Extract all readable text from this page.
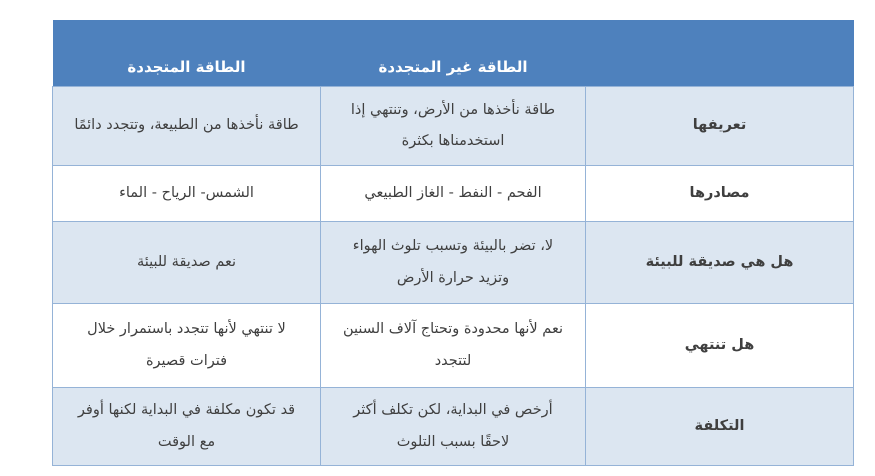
	الطاقة غير المتجددة	الطاقة المتجددة
تعريفها	طاقة نأخذها من الأرض، وتنتهي إذا استخدمناها بكثرة	طاقة نأخذها من الطبيعة، وتتجدد دائمًا
مصادرها	الفحم - النفط - الغاز الطبيعي	الشمس- الرياح - الماء
هل هي صديقة للبيئة	لا، تضر بالبيئة وتسبب تلوث الهواء وتزيد حرارة الأرض	نعم صديقة للبيئة
هل تنتهي	نعم لأنها محدودة وتحتاج آلاف السنين لتتجدد	لا تنتهي لأنها تتجدد باستمرار خلال فترات قصيرة
التكلفة	أرخص في البداية، لكن تكلف أكثر لاحقًا بسبب التلوث	قد تكون مكلفة في البداية لكنها أوفر مع الوقت
